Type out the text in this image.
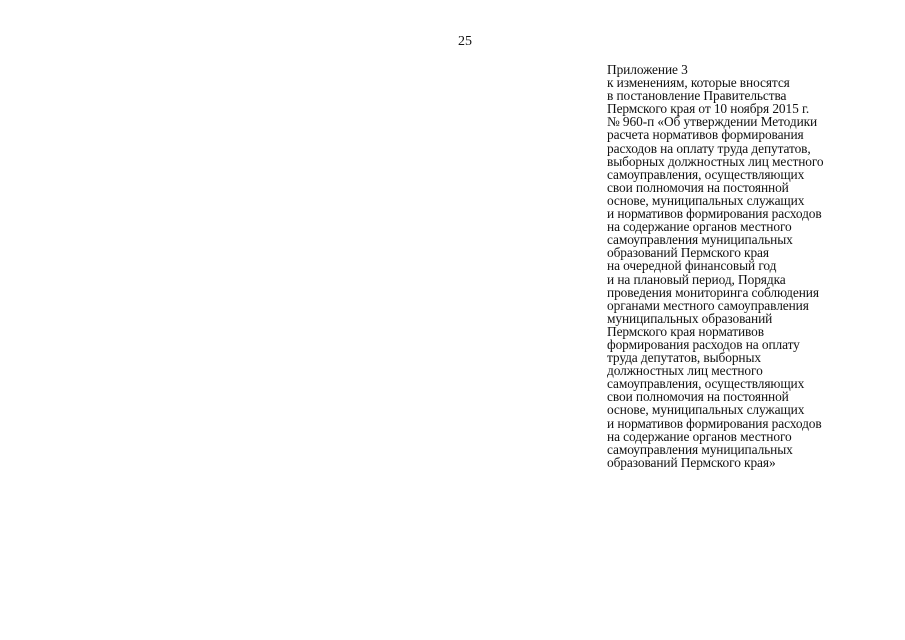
25
Приложение 3
к изменениям, которые вносятся
в постановление Правительства
Пермского края от 10 ноября 2015 г.
№ 960-п «Об утверждении Методики
расчета нормативов формирования
расходов на оплату труда депутатов,
выборных должностных лиц местного
самоуправления, осуществляющих
свои полномочия на постоянной
основе, муниципальных служащих
и нормативов формирования расходов
на содержание органов местного
самоуправления муниципальных
образований Пермского края
на очередной финансовый год
и на плановый период, Порядка
проведения мониторинга соблюдения
органами местного самоуправления
муниципальных образований
Пермского края нормативов
формирования расходов на оплату
труда депутатов, выборных
должностных лиц местного
самоуправления, осуществляющих
свои полномочия на постоянной
основе, муниципальных служащих
и нормативов формирования расходов
на содержание органов местного
самоуправления муниципальных
образований Пермского края»
